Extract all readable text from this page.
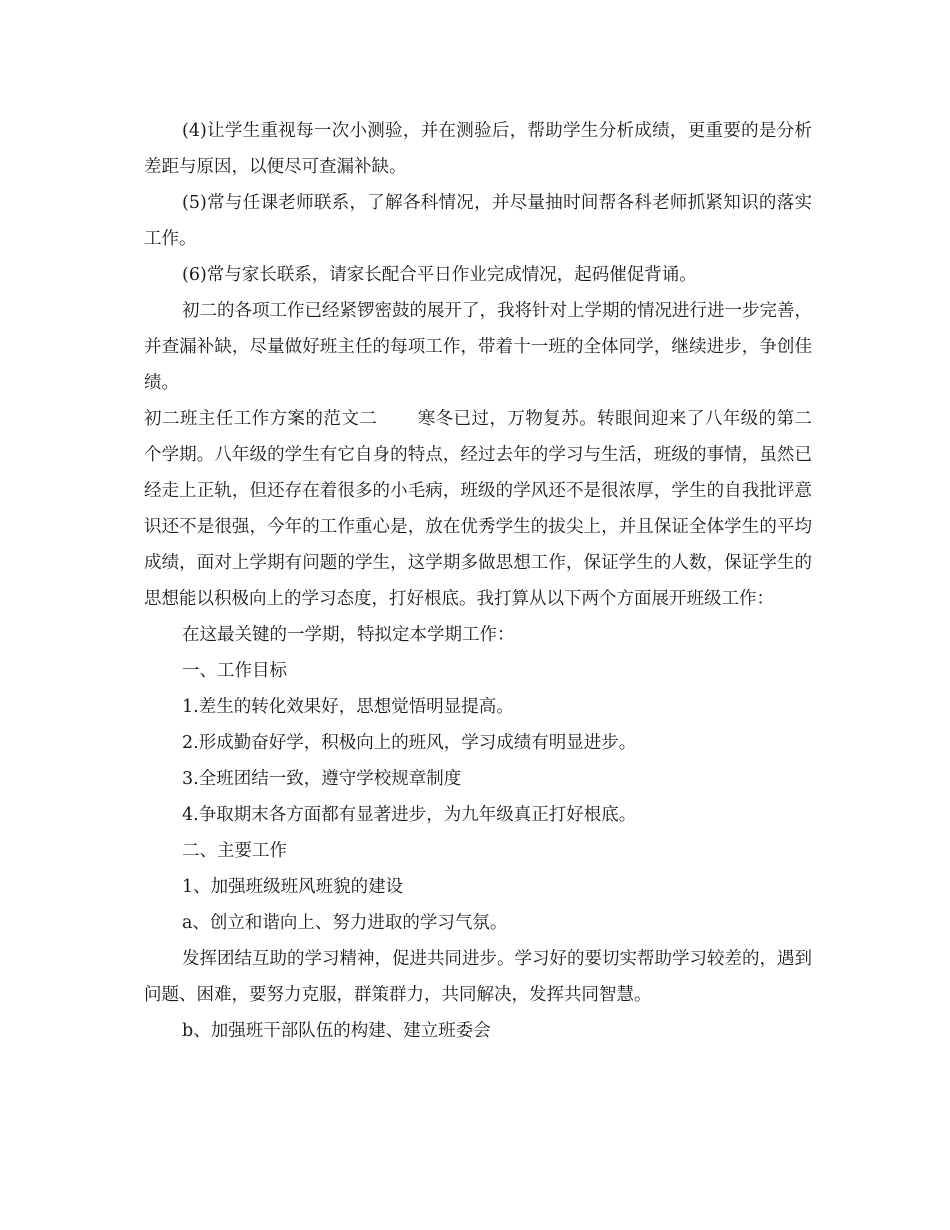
(4)让学生重视每一次小测验，并在测验后，帮助学生分析成绩，更重要的是分析差距与原因，以便尽可查漏补缺。

(5)常与任课老师联系，了解各科情况，并尽量抽时间帮各科老师抓紧知识的落实工作。

(6)常与家长联系，请家长配合平日作业完成情况，起码催促背诵。

初二的各项工作已经紧锣密鼓的展开了，我将针对上学期的情况进行进一步完善，并查漏补缺，尽量做好班主任的每项工作，带着十一班的全体同学，继续进步，争创佳绩。

初二班主任工作方案的范文二 寒冬已过，万物复苏。转眼间迎来了八年级的第二个学期。八年级的学生有它自身的特点，经过去年的学习与生活，班级的事情，虽然已经走上正轨，但还存在着很多的小毛病，班级的学风还不是很浓厚，学生的自我批评意识还不是很强，今年的工作重心是，放在优秀学生的拔尖上，并且保证全体学生的平均成绩，面对上学期有问题的学生，这学期多做思想工作，保证学生的人数，保证学生的思想能以积极向上的学习态度，打好根底。我打算从以下两个方面展开班级工作：

在这最关键的一学期，特拟定本学期工作：

一、工作目标

1.差生的转化效果好，思想觉悟明显提高。

2.形成勤奋好学，积极向上的班风，学习成绩有明显进步。

3.全班团结一致，遵守学校规章制度

4.争取期末各方面都有显著进步，为九年级真正打好根底。

二、主要工作

1、加强班级班风班貌的建设

a、创立和谐向上、努力进取的学习气氛。

发挥团结互助的学习精神，促进共同进步。学习好的要切实帮助学习较差的，遇到问题、困难，要努力克服，群策群力，共同解决，发挥共同智慧。

b、加强班干部队伍的构建、建立班委会
